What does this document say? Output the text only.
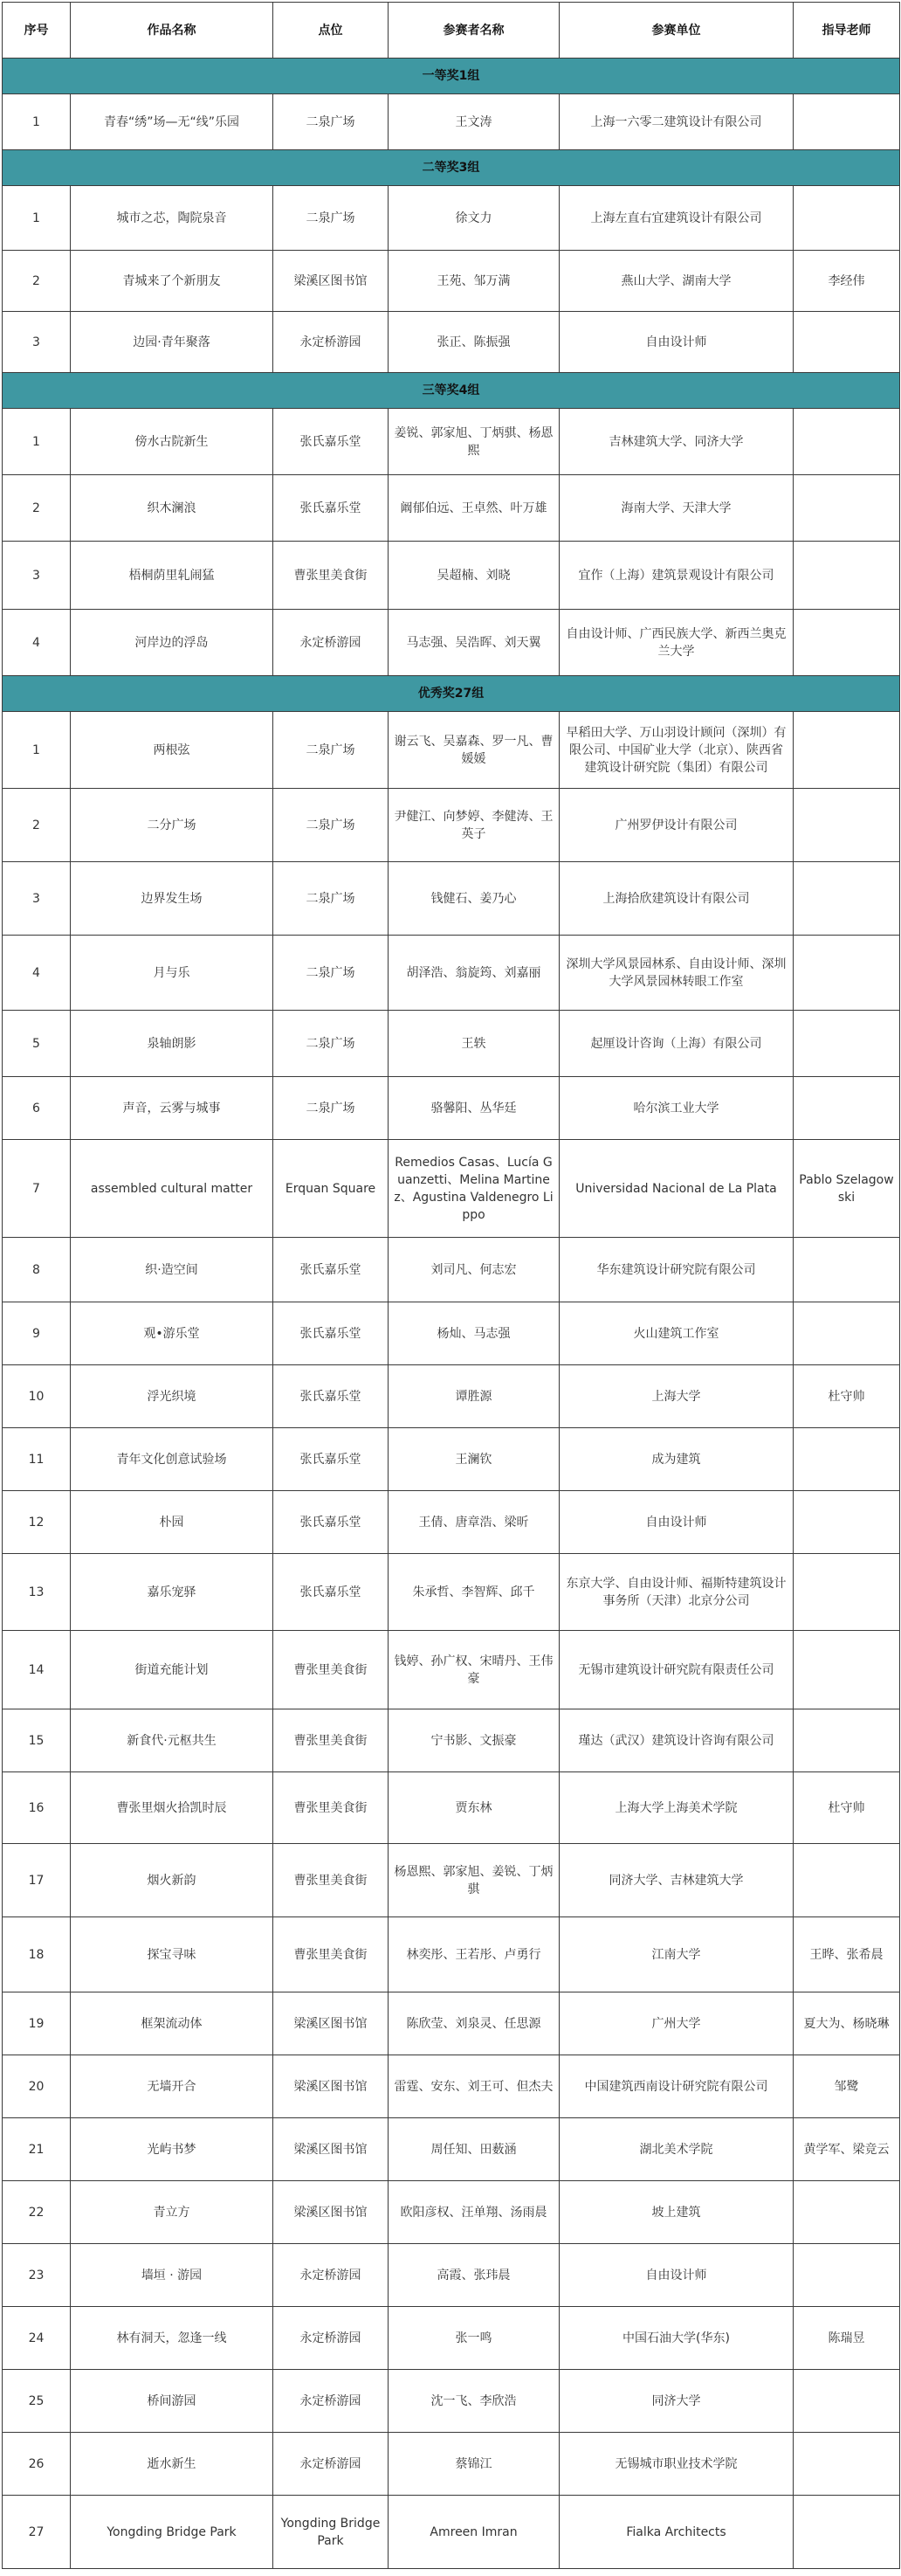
序号	作品名称	点位	参赛者名称	参赛单位	指导老师
一等奖1组					
1	青春“绣”场—无“线”乐园	二泉广场	王文涛	上海一六零二建筑设计有限公司	
二等奖3组					
1	城市之芯，陶院泉音	二泉广场	徐文力	上海左直右宜建筑设计有限公司	
2	青城来了个新朋友	梁溪区图书馆	王苑、邹万满	燕山大学、湖南大学	李经伟
3	边园·青年聚落	永定桥游园	张正、陈振强	自由设计师	
三等奖4组					
1	傍水古院新生	张氏嘉乐堂	姜锐、郭家旭、丁炳骐、杨恩熙	吉林建筑大学、同济大学	
2	织木澜浪	张氏嘉乐堂	阚郁伯远、王卓然、叶万雄	海南大学、天津大学	
3	梧桐荫里轧闹猛	曹张里美食街	吴超楠、刘晓	宜作（上海）建筑景观设计有限公司	
4	河岸边的浮岛	永定桥游园	马志强、吴浩晖、刘天翼	自由设计师、广西民族大学、新西兰奥克兰大学	
优秀奖27组					
1	两根弦	二泉广场	谢云飞、吴嘉森、罗一凡、曹媛媛	早稻田大学、万山羽设计顾问（深圳）有限公司、中国矿业大学（北京）、陕西省建筑设计研究院（集团）有限公司	
2	二分广场	二泉广场	尹健江、向梦婷、李健涛、王英子	广州罗伊设计有限公司	
3	边界发生场	二泉广场	钱健石、姜乃心	上海拾欣建筑设计有限公司	
4	月与乐	二泉广场	胡泽浩、翁旋筠、刘嘉丽	深圳大学风景园林系、自由设计师、深圳大学风景园林转眼工作室	
5	泉轴朗影	二泉广场	王轶	起厘设计咨询（上海）有限公司	
6	声音，云雾与城事	二泉广场	骆馨阳、丛华廷	哈尔滨工业大学	
7	assembled cultural matter	Erquan Square	Remedios Casas、Lucía Guanzetti、Melina Martinez、Agustina Valdenegro Lippo	Universidad Nacional de La Plata	Pablo Szelagowski
8	织·造空间	张氏嘉乐堂	刘司凡、何志宏	华东建筑设计研究院有限公司	
9	观•游乐堂	张氏嘉乐堂	杨灿、马志强	火山建筑工作室	
10	浮光织境	张氏嘉乐堂	谭胜源	上海大学	杜守帅
11	青年文化创意试验场	张氏嘉乐堂	王澜钦	成为建筑	
12	朴园	张氏嘉乐堂	王倩、唐章浩、梁昕	自由设计师	
13	嘉乐宠驿	张氏嘉乐堂	朱承哲、李智辉、邱千	东京大学、自由设计师、福斯特建筑设计事务所（天津）北京分公司	
14	街道充能计划	曹张里美食街	钱婷、孙广权、宋晴丹、王伟豪	无锡市建筑设计研究院有限责任公司	
15	新食代·元枢共生	曹张里美食街	宁书影、文振豪	瑾达（武汉）建筑设计咨询有限公司	
16	曹张里烟火拾凯时辰	曹张里美食街	贾东林	上海大学上海美术学院	杜守帅
17	烟火新韵	曹张里美食街	杨恩熙、郭家旭、姜锐、丁炳骐	同济大学、吉林建筑大学	
18	探宝寻味	曹张里美食街	林奕彤、王若彤、卢勇行	江南大学	王晔、张希晨
19	框架流动体	梁溪区图书馆	陈欣莹、刘泉灵、任思源	广州大学	夏大为、杨晓琳
20	无墙开合	梁溪区图书馆	雷霆、安东、刘王可、但杰夫	中国建筑西南设计研究院有限公司	邹鹭
21	光屿书梦	梁溪区图书馆	周任知、田薮涵	湖北美术学院	黄学军、梁竞云
22	青立方	梁溪区图书馆	欧阳彦权、汪单翔、汤雨晨	坡上建筑	
23	墙垣 · 游园	永定桥游园	高霞、张玮晨	自由设计师	
24	林有洞天，忽逢一线	永定桥游园	张一鸣	中国石油大学(华东)	陈瑞昱
25	桥间游园	永定桥游园	沈一飞、李欣浩	同济大学	
26	逝水新生	永定桥游园	蔡锦江	无锡城市职业技术学院	
27	Yongding Bridge Park	Yongding Bridge Park	Amreen Imran	Fialka Architects	
